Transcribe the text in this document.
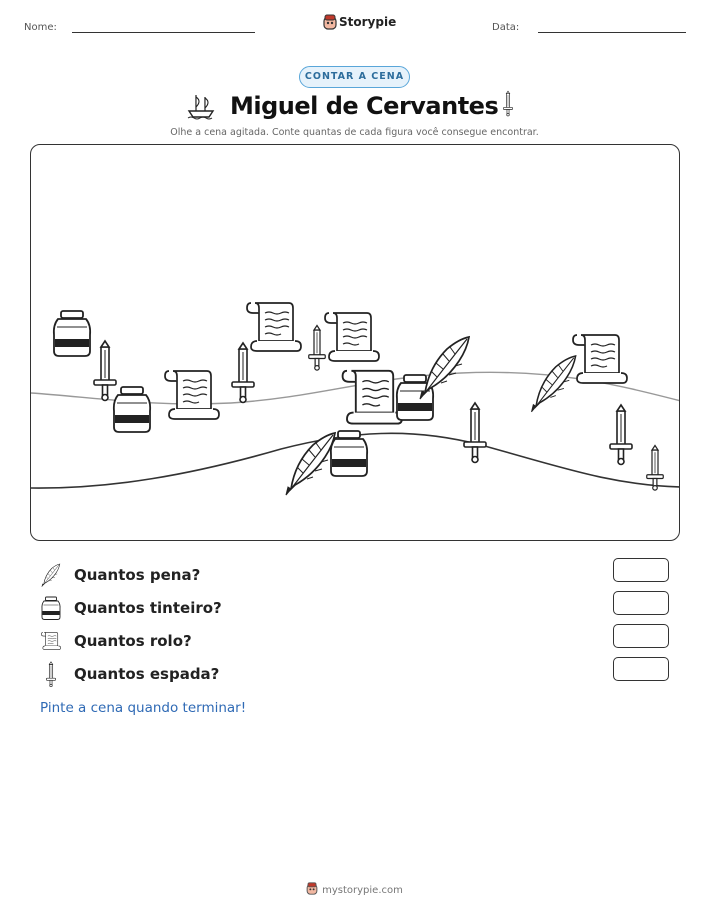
Nome:	Storypie	Data:
CONTAR A CENA
Miguel de Cervantes
Olhe a cena agitada. Conte quantas de cada figura você consegue encontrar.
Quantos pena?
Quantos tinteiro?
Quantos rolo?
Quantos espada?
Pinte a cena quando terminar!
mystorypie.com
